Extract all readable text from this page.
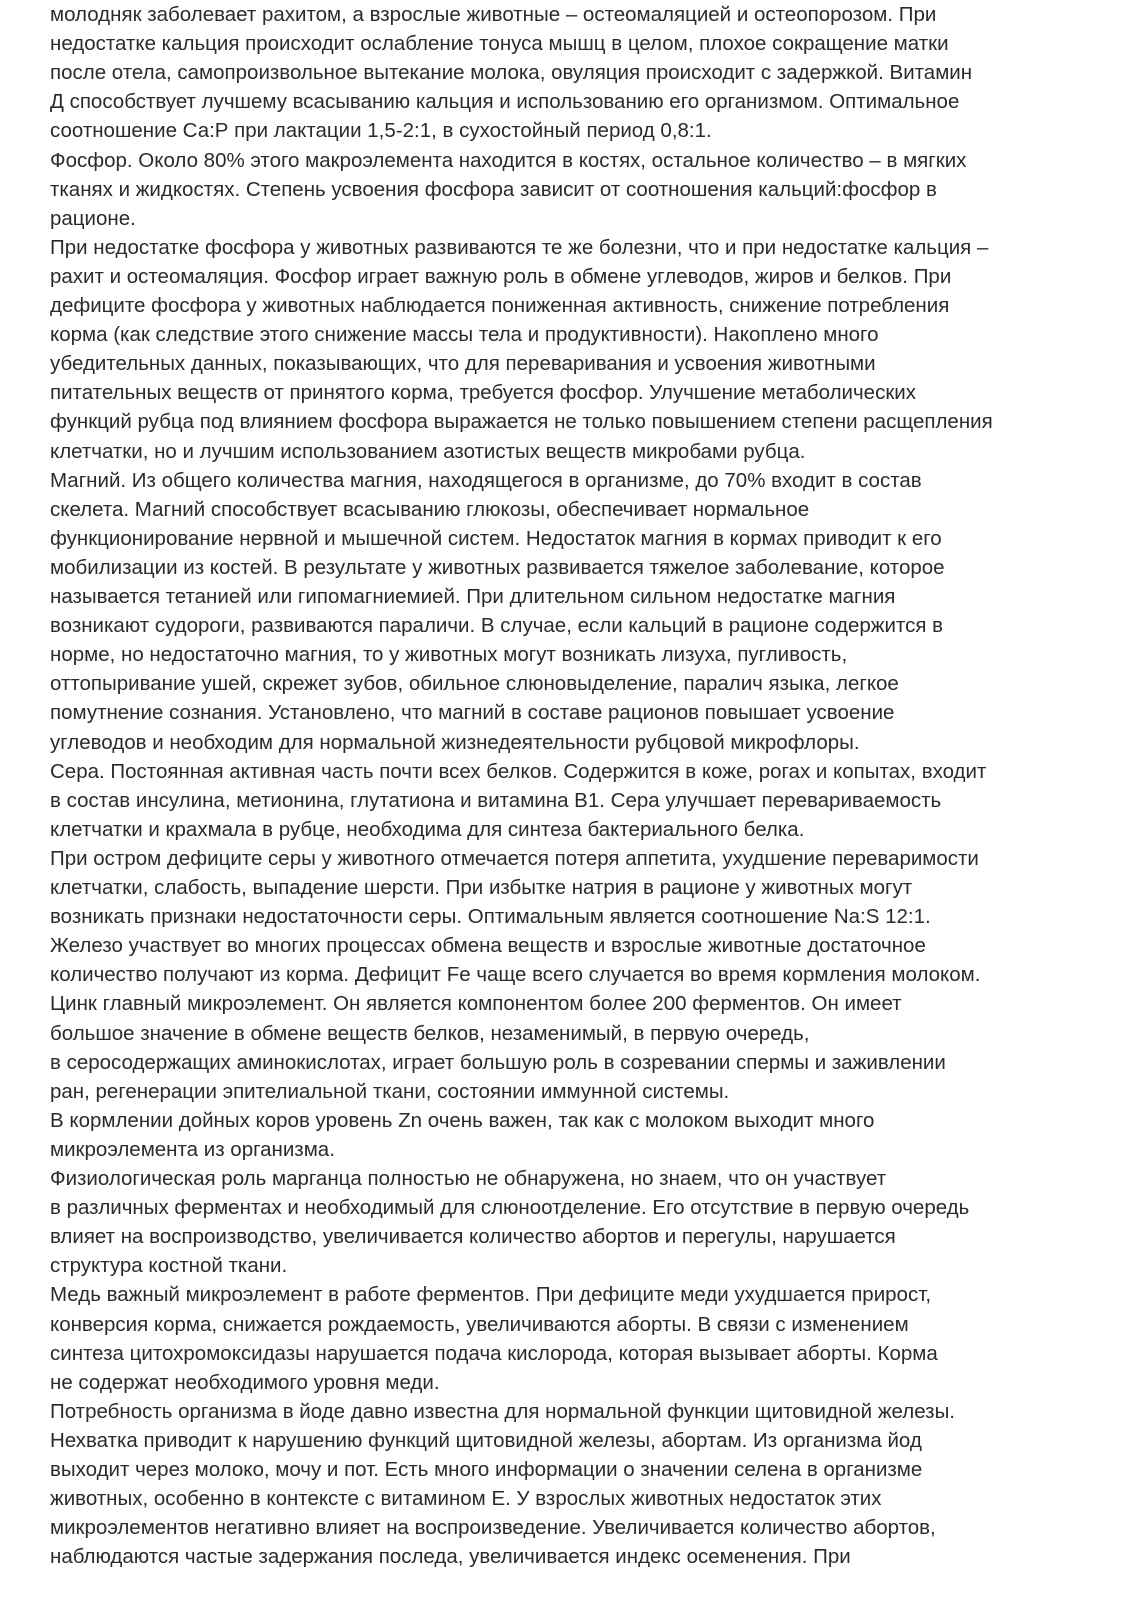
молодняк заболевает рахитом, а взрослые животные – остеомаляцией и остеопорозом. При

недостатке кальция происходит ослабление тонуса мышц в целом, плохое сокращение матки

после отела, самопроизвольное вытекание молока, овуляция происходит с задержкой. Витамин

Д способствует лучшему всасыванию кальция и использованию его организмом. Оптимальное

соотношение Са:Р при лактации 1,5-2:1, в сухостойный период 0,8:1.

Фосфор. Около 80% этого макроэлемента находится в костях, остальное количество – в мягких

тканях и жидкостях. Степень усвоения фосфора зависит от соотношения кальций:фосфор в

рационе.

При недостатке фосфора у животных развиваются те же болезни, что и при недостатке кальция –

рахит и остеомаляция. Фосфор играет важную роль в обмене углеводов, жиров и белков. При

дефиците фосфора у животных наблюдается пониженная активность, снижение потребления

корма (как следствие этого снижение массы тела и продуктивности). Накоплено много

убедительных данных, показывающих, что для переваривания и усвоения животными

питательных веществ от принятого корма, требуется фосфор. Улучшение метаболических

функций рубца под влиянием фосфора выражается не только повышением степени расщепления

клетчатки, но и лучшим использованием азотистых веществ микробами рубца.

Магний. Из общего количества магния, находящегося в организме, до 70% входит в состав

скелета. Магний способствует всасыванию глюкозы, обеспечивает нормальное

функционирование нервной и мышечной систем. Недостаток магния в кормах приводит к его

мобилизации из костей. В результате у животных развивается тяжелое заболевание, которое

называется тетанией или гипомагниемией. При длительном сильном недостатке магния

возникают судороги, развиваются параличи. В случае, если кальций в рационе содержится в

норме, но недостаточно магния, то у животных могут возникать лизуха, пугливость,

оттопыривание ушей, скрежет зубов, обильное слюновыделение, паралич языка, легкое

помутнение сознания. Установлено, что магний в составе рационов повышает усвоение

углеводов и необходим для нормальной жизнедеятельности рубцовой микрофлоры.

Сера. Постоянная активная часть почти всех белков. Содержится в коже, рогах и копытах, входит

в состав инсулина, метионина, глутатиона и витамина В1. Сера улучшает перевариваемость

клетчатки и крахмала в рубце, необходима для синтеза бактериального белка.

При остром дефиците серы у животного отмечается потеря аппетита, ухудшение переваримости

клетчатки, слабость, выпадение шерсти. При избытке натрия в рационе у животных могут

возникать признаки недостаточности серы. Оптимальным является соотношение Na:S 12:1.

Железо участвует во многих процессах обмена веществ и взрослые животные достаточное

количество получают из корма. Дефицит Fe чаще всего случается во время кормления молоком.

Цинк главный микроэлемент. Он является компонентом более 200 ферментов. Он имеет

большое значение в обмене веществ белков, незаменимый, в первую очередь,

в серосодержащих аминокислотах, играет большую роль в созревании спермы и заживлении

ран, регенерации эпителиальной ткани, состоянии иммунной системы.

В кормлении дойных коров уровень Zn очень важен, так как с молоком выходит много

микроэлемента из организма.

Физиологическая роль марганца полностью не обнаружена, но знаем, что он участвует

в различных ферментах и необходимый для слюноотделение. Его отсутствие в первую очередь

влияет на воспроизводство, увеличивается количество абортов и перегулы, нарушается

структура костной ткани.

Медь важный микроэлемент в работе ферментов. При дефиците меди ухудшается прирост,

конверсия корма, снижается рождаемость, увеличиваются аборты. В связи с изменением

синтеза цитохромоксидазы нарушается подача кислорода, которая вызывает аборты. Корма

не содержат необходимого уровня меди.

Потребность организма в йоде давно известна для нормальной функции щитовидной железы.

Нехватка приводит к нарушению функций щитовидной железы, абортам. Из организма йод

выходит через молоко, мочу и пот. Есть много информации о значении селена в организме

животных, особенно в контексте с витамином Е. У взрослых животных недостаток этих

микроэлементов негативно влияет на воспроизведение. Увеличивается количество абортов,

наблюдаются частые задержания последа, увеличивается индекс осеменения. При
